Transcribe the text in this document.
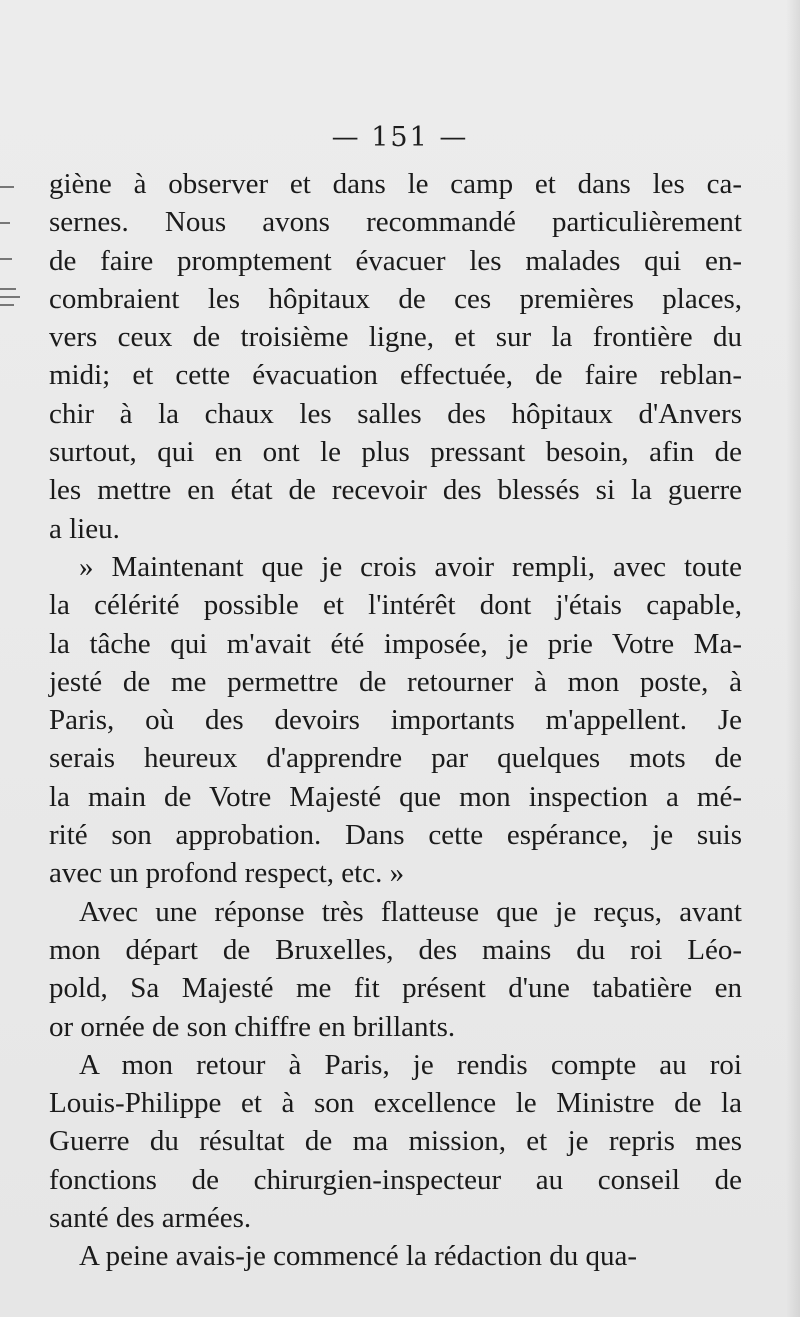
— 151 —
giène à observer et dans le camp et dans les ca-
sernes. Nous avons recommandé particulièrement
de faire promptement évacuer les malades qui en-
combraient les hôpitaux de ces premières places,
vers ceux de troisième ligne, et sur la frontière du
midi; et cette évacuation effectuée, de faire reblan-
chir à la chaux les salles des hôpitaux d'Anvers
surtout, qui en ont le plus pressant besoin, afin de
les mettre en état de recevoir des blessés si la guerre
a lieu.
» Maintenant que je crois avoir rempli, avec toute
la célérité possible et l'intérêt dont j'étais capable,
la tâche qui m'avait été imposée, je prie Votre Ma-
jesté de me permettre de retourner à mon poste, à
Paris, où des devoirs importants m'appellent. Je
serais heureux d'apprendre par quelques mots de
la main de Votre Majesté que mon inspection a mé-
rité son approbation. Dans cette espérance, je suis
avec un profond respect, etc. »
Avec une réponse très flatteuse que je reçus, avant
mon départ de Bruxelles, des mains du roi Léo-
pold, Sa Majesté me fit présent d'une tabatière en
or ornée de son chiffre en brillants.
A mon retour à Paris, je rendis compte au roi
Louis-Philippe et à son excellence le Ministre de la
Guerre du résultat de ma mission, et je repris mes
fonctions de chirurgien-inspecteur au conseil de
santé des armées.
A peine avais-je commencé la rédaction du qua-
